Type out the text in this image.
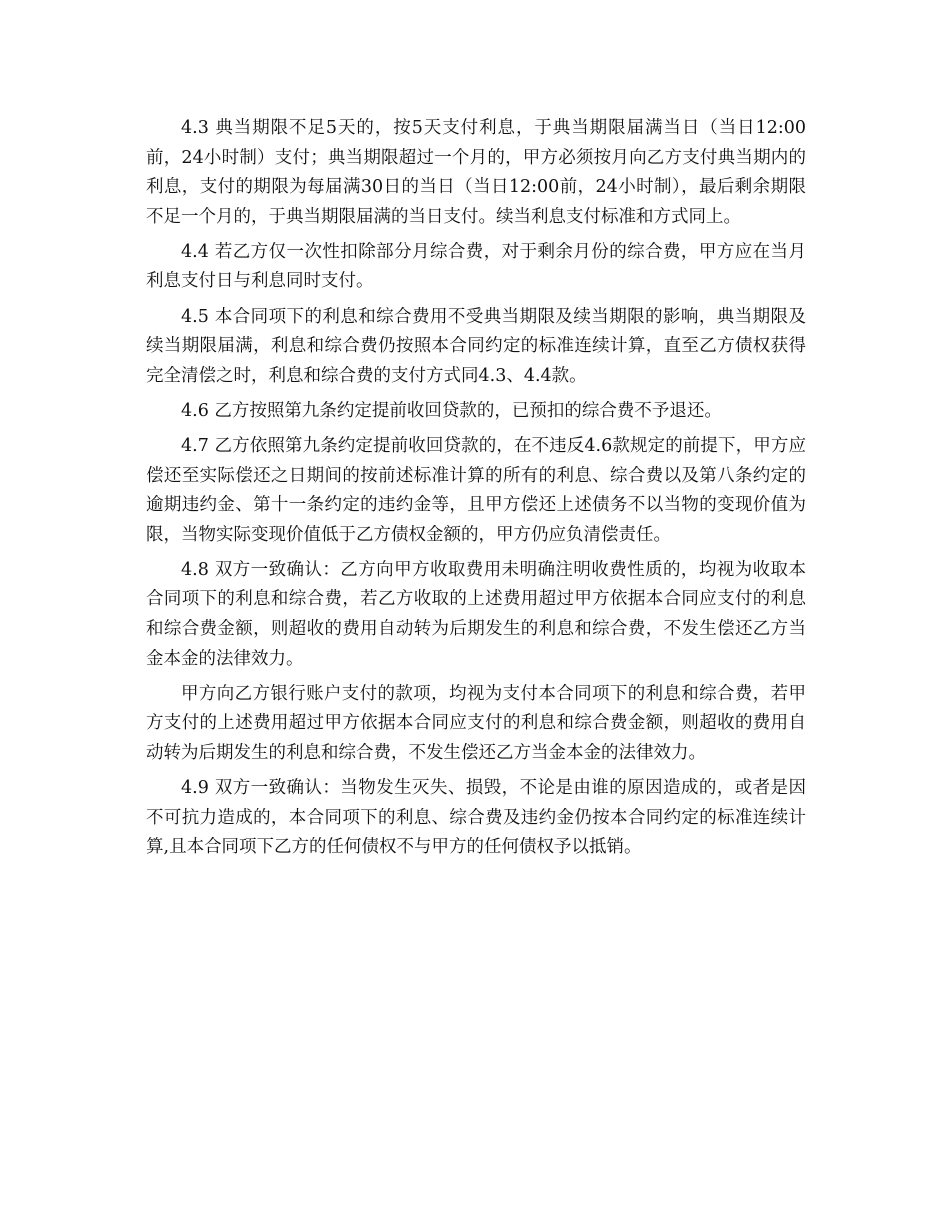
4.3 典当期限不足5天的，按5天支付利息，于典当期限届满当日（当日12:00前，24小时制）支付；典当期限超过一个月的，甲方必须按月向乙方支付典当期内的利息，支付的期限为每届满30日的当日（当日12:00前，24小时制），最后剩余期限不足一个月的，于典当期限届满的当日支付。续当利息支付标准和方式同上。

4.4 若乙方仅一次性扣除部分月综合费，对于剩余月份的综合费，甲方应在当月利息支付日与利息同时支付。

4.5 本合同项下的利息和综合费用不受典当期限及续当期限的影响，典当期限及续当期限届满，利息和综合费仍按照本合同约定的标准连续计算，直至乙方债权获得完全清偿之时，利息和综合费的支付方式同4.3、4.4款。

4.6 乙方按照第九条约定提前收回贷款的，已预扣的综合费不予退还。

4.7 乙方依照第九条约定提前收回贷款的，在不违反4.6款规定的前提下，甲方应偿还至实际偿还之日期间的按前述标准计算的所有的利息、综合费以及第八条约定的逾期违约金、第十一条约定的违约金等，且甲方偿还上述债务不以当物的变现价值为限，当物实际变现价值低于乙方债权金额的，甲方仍应负清偿责任。

4.8 双方一致确认：乙方向甲方收取费用未明确注明收费性质的，均视为收取本合同项下的利息和综合费，若乙方收取的上述费用超过甲方依据本合同应支付的利息和综合费金额，则超收的费用自动转为后期发生的利息和综合费，不发生偿还乙方当金本金的法律效力。

甲方向乙方银行账户支付的款项，均视为支付本合同项下的利息和综合费，若甲方支付的上述费用超过甲方依据本合同应支付的利息和综合费金额，则超收的费用自动转为后期发生的利息和综合费，不发生偿还乙方当金本金的法律效力。

4.9 双方一致确认：当物发生灭失、损毁，不论是由谁的原因造成的，或者是因不可抗力造成的，本合同项下的利息、综合费及违约金仍按本合同约定的标准连续计算,且本合同项下乙方的任何债权不与甲方的任何债权予以抵销。
